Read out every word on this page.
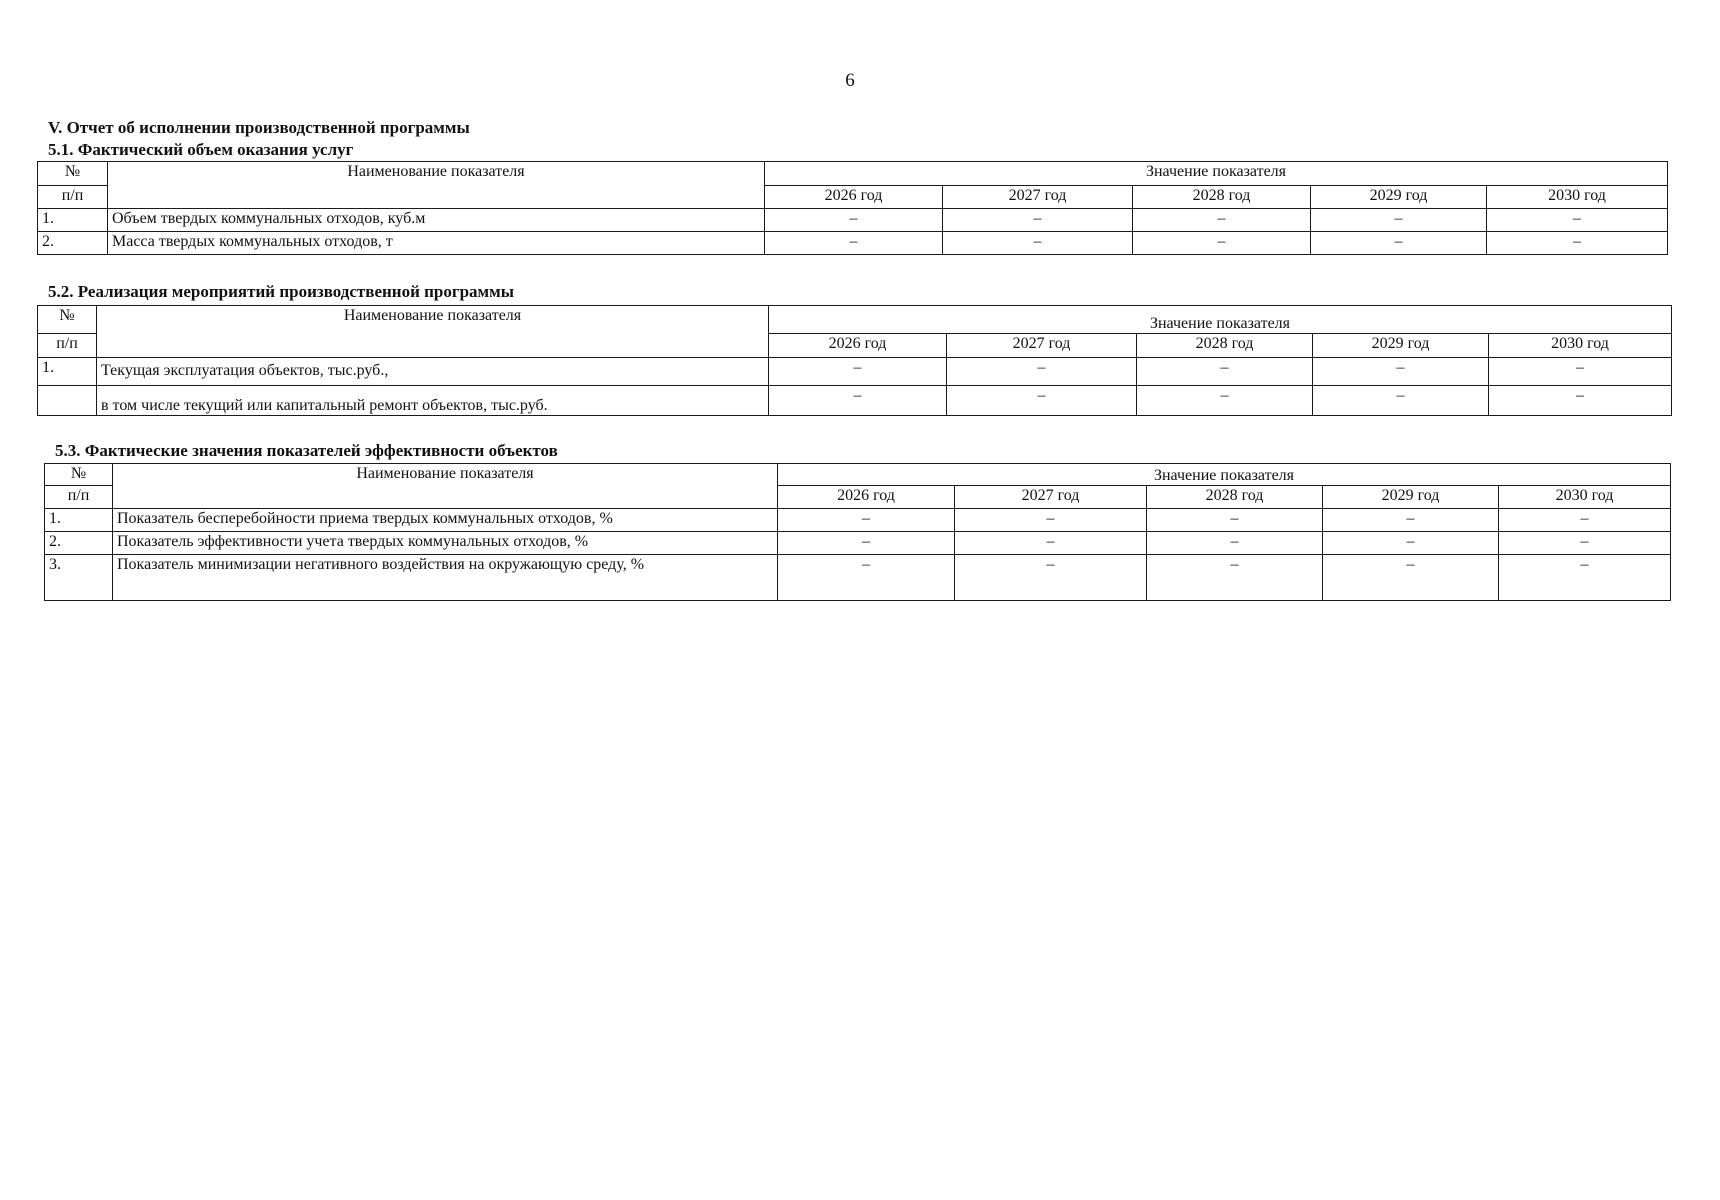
6
V. Отчет об исполнении производственной программы
5.1. Фактический объем оказания услуг
№	Наименование показателя	Значение показателя				
п/п		2026 год	2027 год	2028 год	2029 год	2030 год
1.	Объем твердых коммунальных отходов, куб.м	–	–	–	–	–
2.	Масса твердых коммунальных отходов, т	–	–	–	–	–
5.2. Реализация мероприятий производственной программы
№	Наименование показателя	Значение показателя				
п/п		2026 год	2027 год	2028 год	2029 год	2030 год
1.	Текущая эксплуатация объектов, тыс.руб.,	–	–	–	–	–
	в том числе текущий или капитальный ремонт объектов, тыс.руб.	–	–	–	–	–
5.3. Фактические значения показателей эффективности объектов
№	Наименование показателя	Значение показателя				
п/п		2026 год	2027 год	2028 год	2029 год	2030 год
1.	Показатель бесперебойности приема твердых коммунальных отходов, %	–	–	–	–	–
2.	Показатель эффективности учета твердых коммунальных отходов, %	–	–	–	–	–
3.	Показатель минимизации негативного воздействия на окружающую среду, %	–	–	–	–	–
